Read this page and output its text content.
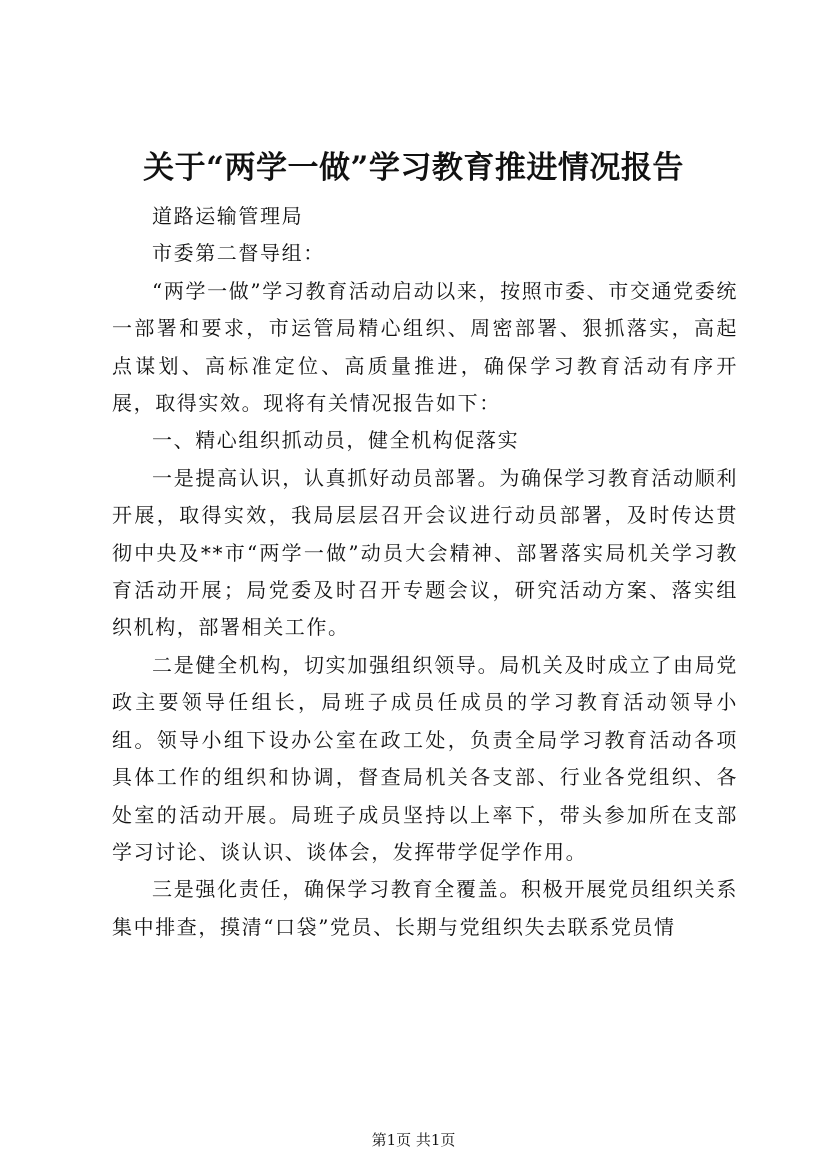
关于“两学一做”学习教育推进情况报告

道路运输管理局

市委第二督导组：

“两学一做”学习教育活动启动以来，按照市委、市交通党委统一部署和要求，市运管局精心组织、周密部署、狠抓落实，高起点谋划、高标准定位、高质量推进，确保学习教育活动有序开展，取得实效。现将有关情况报告如下：

一、精心组织抓动员，健全机构促落实

一是提高认识，认真抓好动员部署。为确保学习教育活动顺利开展，取得实效，我局层层召开会议进行动员部署，及时传达贯彻中央及**市“两学一做”动员大会精神、部署落实局机关学习教育活动开展；局党委及时召开专题会议，研究活动方案、落实组织机构，部署相关工作。

二是健全机构，切实加强组织领导。局机关及时成立了由局党政主要领导任组长，局班子成员任成员的学习教育活动领导小组。领导小组下设办公室在政工处，负责全局学习教育活动各项具体工作的组织和协调，督查局机关各支部、行业各党组织、各处室的活动开展。局班子成员坚持以上率下，带头参加所在支部学习讨论、谈认识、谈体会，发挥带学促学作用。

三是强化责任，确保学习教育全覆盖。积极开展党员组织关系集中排查，摸清“口袋”党员、长期与党组织失去联系党员情

第1页 共1页
